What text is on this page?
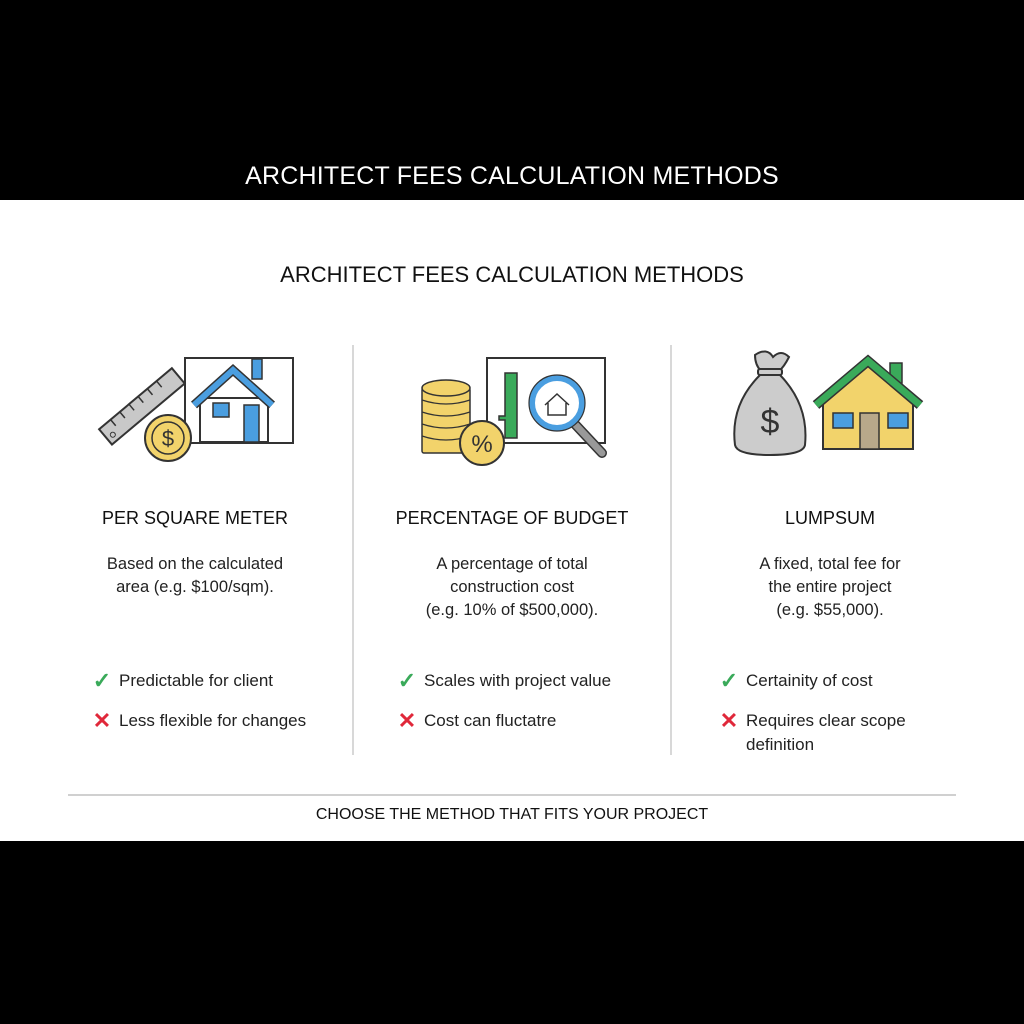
ARCHITECT FEES CALCULATION METHODS
ARCHITECT FEES CALCULATION METHODS
$
PER SQUARE METER
Based on the calculated
area (e.g. $100/sqm).
✓ Predictable for client
✕ Less flexible for changes
%
PERCENTAGE OF BUDGET
A percentage of total
construction cost
(e.g. 10% of $500,000).
✓ Scales with project value
✕ Cost can fluctatre
$
LUMPSUM
A fixed, total fee for
the entire project
(e.g. $55,000).
✓ Certainity of cost
✕ Requires clear scope definition
CHOOSE THE METHOD THAT FITS YOUR PROJECT
